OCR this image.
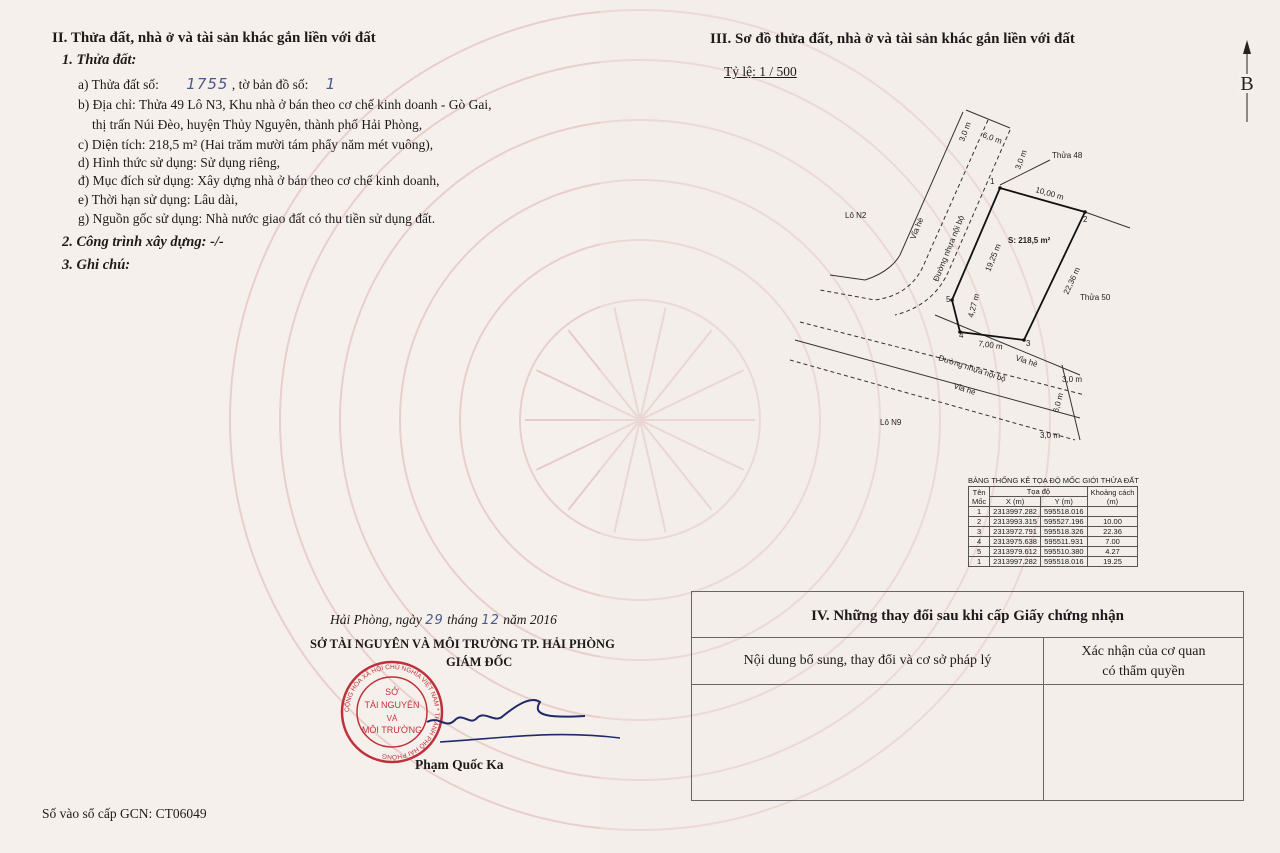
II. Thửa đất, nhà ở và tài sản khác gắn liền với đất
1. Thửa đất:
a) Thửa đất số: 1755 , tờ bản đồ số: 1
b) Địa chỉ: Thửa 49 Lô N3, Khu nhà ở bán theo cơ chế kinh doanh - Gò Gai,
thị trấn Núi Đèo, huyện Thủy Nguyên, thành phố Hải Phòng,
c) Diện tích: 218,5 m² (Hai trăm mười tám phẩy năm mét vuông),
d) Hình thức sử dụng: Sử dụng riêng,
đ) Mục đích sử dụng: Xây dựng nhà ở bán theo cơ chế kinh doanh,
e) Thời hạn sử dụng: Lâu dài,
g) Nguồn gốc sử dụng: Nhà nước giao đất có thu tiền sử dụng đất.
2. Công trình xây dựng: -/-
3. Ghi chú:
III. Sơ đồ thửa đất, nhà ở và tài sản khác gắn liền với đất
Tỷ lệ: 1 / 500
B
3,0 m 6,0 m
3,0 m	Thửa 48
Thửa 50
Lô N2
Lô N9
Vỉa hè Đường nhựa nội bộ
Vỉa hè
Đường nhựa nội bộ
Vỉa hè
S: 218,5 m²
10,00 m
22,36 m
7,00 m
4,27 m
19,25 m
1
2
3
4
5
3,0 m
6,0 m
3,0 m
BẢNG THỐNG KÊ TỌA ĐỘ MỐC GIỚI THỬA ĐẤT
Tên
Mốc	Tọa độ		Khoảng cách
(m)
	X (m)	Y (m)	
1	2313997.282	595518.016	
2	2313993.315	595527.196	10.00
3	2313972.791	595518.326	22.36
4	2313975.638	595511.931	7.00
5	2313979.612	595510.380	4.27
1	2313997.282	595518.016	19.25
Hải Phòng, ngày 29 tháng 12 năm 2016
SỞ TÀI NGUYÊN VÀ MÔI TRƯỜNG TP. HẢI PHÒNG
GIÁM ĐỐC
CỘNG HÒA XÃ HỘI CHỦ NGHĨA VIỆT NAM * THÀNH PHỐ HẢI PHÒNG
SỞ
TÀI NGUYÊN
VÀ
MÔI TRƯỜNG
Phạm Quốc Ka
IV. Những thay đổi sau khi cấp Giấy chứng nhận
Nội dung bổ sung, thay đổi và cơ sở pháp lý
Xác nhận của cơ quan
có thẩm quyền
Số vào sổ cấp GCN: CT06049
